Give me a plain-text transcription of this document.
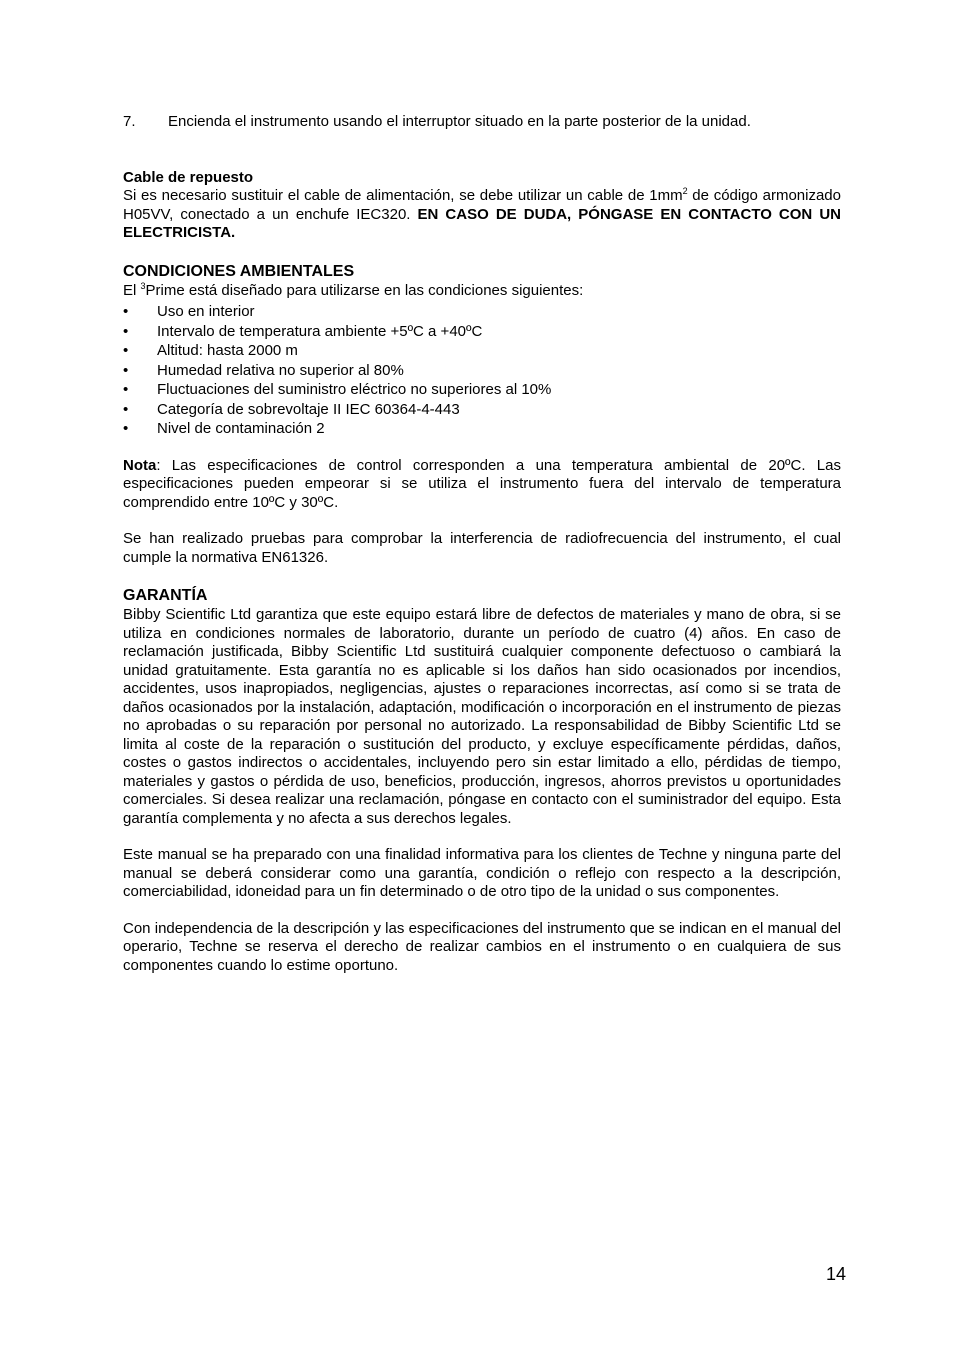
7.	Encienda el instrumento usando el interruptor situado en la parte posterior de la unidad.

Cable de repuesto

Si es necesario sustituir el cable de alimentación, se debe utilizar un cable de $1mm^2$ de código armonizado H05VV, conectado a un enchufe IEC320. EN CASO DE DUDA, PÓNGASE EN CONTACTO CON UN ELECTRICISTA.

CONDICIONES AMBIENTALES

El $^3$Prime está diseñado para utilizarse en las condiciones siguientes:

•	Uso en interior
•	Intervalo de temperatura ambiente +5ºC a +40ºC
•	Altitud: hasta 2000 m
•	Humedad relativa no superior al 80%
•	Fluctuaciones del suministro eléctrico no superiores al 10%
•	Categoría de sobrevoltaje II IEC 60364-4-443
•	Nivel de contaminación 2

Nota: Las especificaciones de control corresponden a una temperatura ambiental de 20ºC. Las especificaciones pueden empeorar si se utiliza el instrumento fuera del intervalo de temperatura comprendido entre 10ºC y 30ºC.

Se han realizado pruebas para comprobar la interferencia de radiofrecuencia del instrumento, el cual cumple la normativa EN61326.

GARANTÍA

Bibby Scientific Ltd garantiza que este equipo estará libre de defectos de materiales y mano de obra, si se utiliza en condiciones normales de laboratorio, durante un período de cuatro (4) años. En caso de reclamación justificada, Bibby Scientific Ltd sustituirá cualquier componente defectuoso o cambiará la unidad gratuitamente. Esta garantía no es aplicable si los daños han sido ocasionados por incendios, accidentes, usos inapropiados, negligencias, ajustes o reparaciones incorrectas, así como si se trata de daños ocasionados por la instalación, adaptación, modificación o incorporación en el instrumento de piezas no aprobadas o su reparación por personal no autorizado. La responsabilidad de Bibby Scientific Ltd se limita al coste de la reparación o sustitución del producto, y excluye específicamente pérdidas, daños, costes o gastos indirectos o accidentales, incluyendo pero sin estar limitado a ello, pérdidas de tiempo, materiales y gastos o pérdida de uso, beneficios, producción, ingresos, ahorros previstos u oportunidades comerciales. Si desea realizar una reclamación, póngase en contacto con el suministrador del equipo. Esta garantía complementa y no afecta a sus derechos legales.

Este manual se ha preparado con una finalidad informativa para los clientes de Techne y ninguna parte del manual se deberá considerar como una garantía, condición o reflejo con respecto a la descripción, comerciabilidad, idoneidad para un fin determinado o de otro tipo de la unidad o sus componentes.

Con independencia de la descripción y las especificaciones del instrumento que se indican en el manual del operario, Techne se reserva el derecho de realizar cambios en el instrumento o en cualquiera de sus componentes cuando lo estime oportuno.

14
